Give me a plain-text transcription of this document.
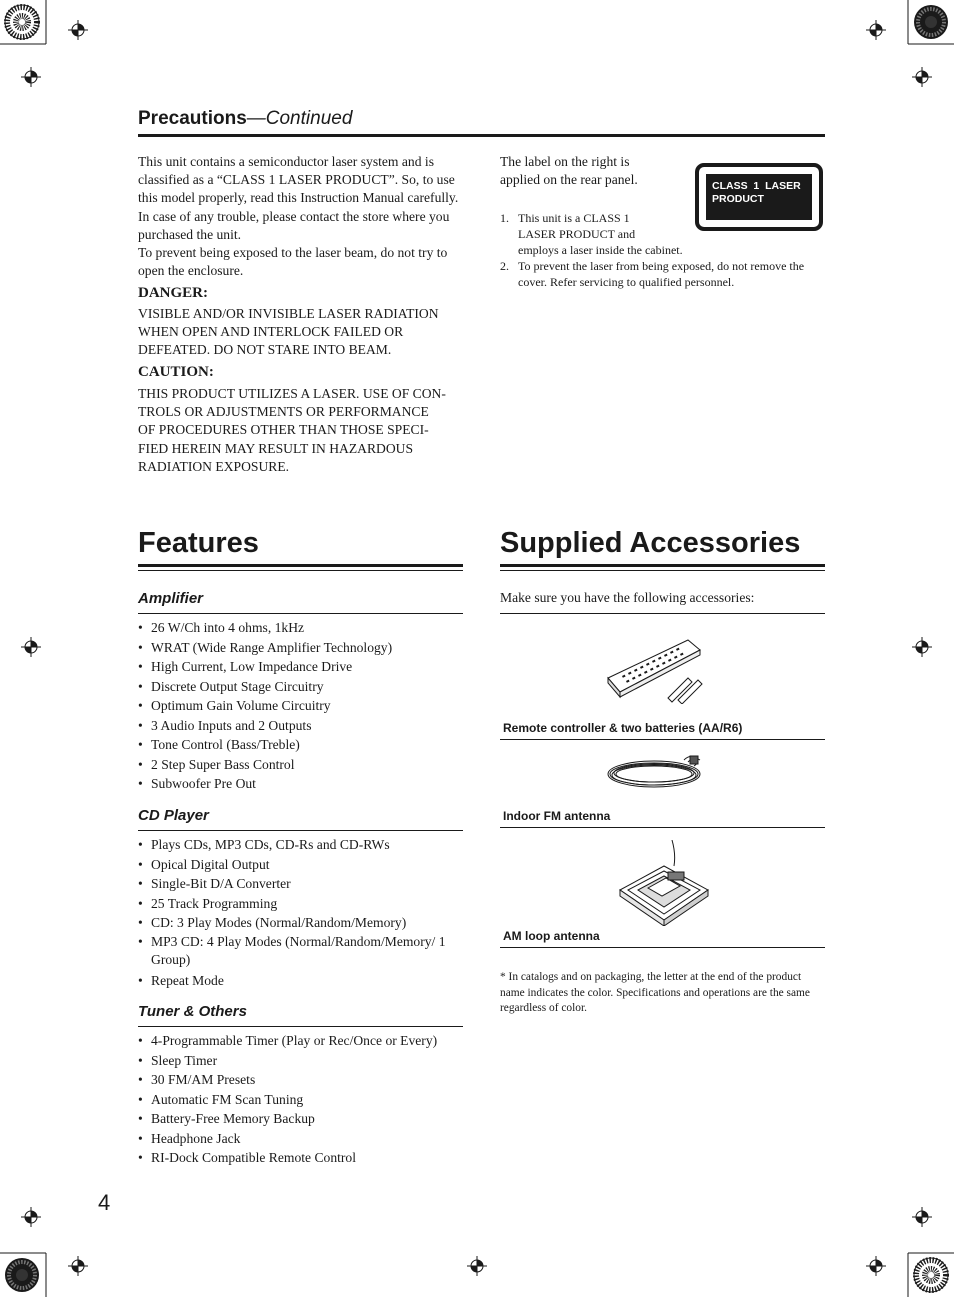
Precautions—Continued
This unit contains a semiconductor laser system and is classified as a “CLASS 1 LASER PRODUCT”. So, to use this model properly, read this Instruction Manual carefully. In case of any trouble, please contact the store where you purchased the unit.
To prevent being exposed to the laser beam, do not try to open the enclosure.
DANGER:
VISIBLE AND/OR INVISIBLE LASER RADIATION WHEN OPEN AND INTERLOCK FAILED OR DEFEATED. DO NOT STARE INTO BEAM.
CAUTION:
THIS PRODUCT UTILIZES A LASER. USE OF CON-
TROLS OR ADJUSTMENTS OR PERFORMANCE
OF PROCEDURES OTHER THAN THOSE SPECI-
FIED HEREIN MAY RESULT IN HAZARDOUS
RADIATION EXPOSURE.
The label on the right is applied on the rear panel.	CLASS  1  LASER
PRODUCT
1. This unit is a CLASS 1
LASER PRODUCT and
employs a laser inside the cabinet.
2. To prevent the laser from being exposed, do not remove the
cover. Refer servicing to qualified personnel.
Features
Amplifier
• 26 W/Ch into 4 ohms, 1kHz
• WRAT (Wide Range Amplifier Technology)
• High Current, Low Impedance Drive
• Discrete Output Stage Circuitry
• Optimum Gain Volume Circuitry
• 3 Audio Inputs and 2 Outputs
• Tone Control (Bass/Treble)
• 2 Step Super Bass Control
• Subwoofer Pre Out
CD Player
• Plays CDs, MP3 CDs, CD-Rs and CD-RWs
• Opical Digital Output
• Single-Bit D/A Converter
• 25 Track Programming
• CD: 3 Play Modes (Normal/Random/Memory)
• MP3 CD: 4 Play Modes (Normal/Random/Memory/ 1 Group)
• Repeat Mode
Tuner & Others
• 4-Programmable Timer (Play or Rec/Once or Every)
• Sleep Timer
• 30 FM/AM Presets
• Automatic FM Scan Tuning
• Battery-Free Memory Backup
• Headphone Jack
• RI-Dock Compatible Remote Control
Supplied Accessories
Make sure you have the following accessories:
Remote controller & two batteries (AA/R6)
Indoor FM antenna
AM loop antenna
* In catalogs and on packaging, the letter at the end of the product name indicates the color. Specifications and operations are the same regardless of color.
4
